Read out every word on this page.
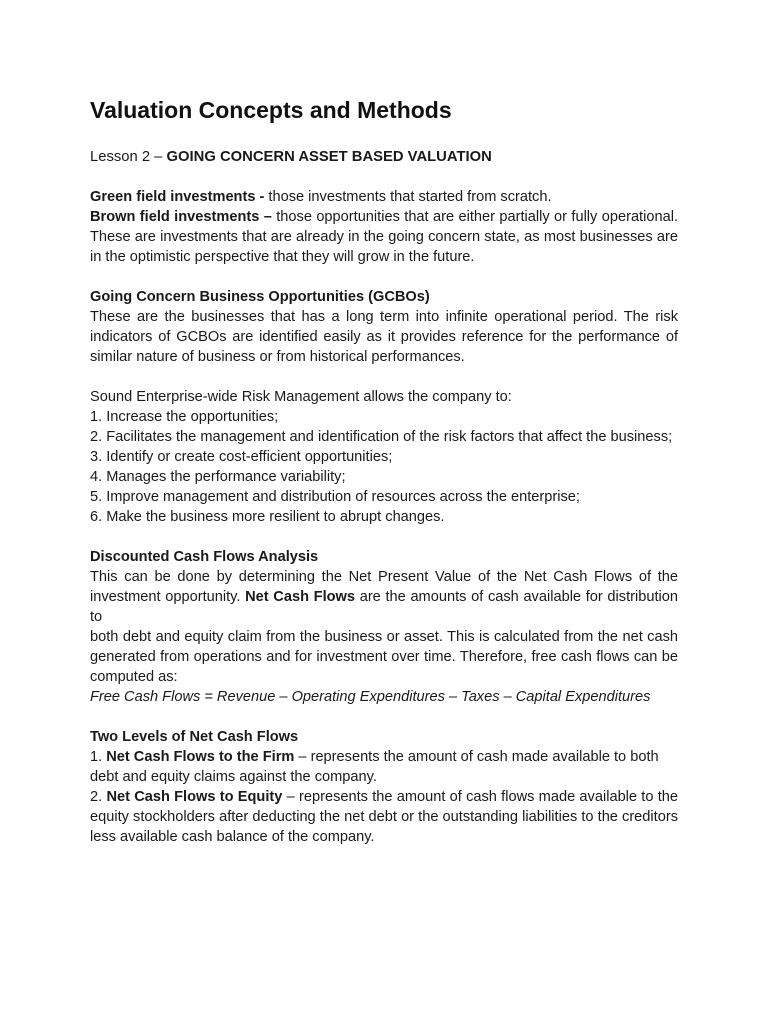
Valuation Concepts and Methods

Lesson 2 – GOING CONCERN ASSET BASED VALUATION

Green field investments - those investments that started from scratch.

Brown field investments – those opportunities that are either partially or fully operational. These are investments that are already in the going concern state, as most businesses are in the optimistic perspective that they will grow in the future.

Going Concern Business Opportunities (GCBOs)

These are the businesses that has a long term into infinite operational period. The risk indicators of GCBOs are identified easily as it provides reference for the performance of similar nature of business or from historical performances.

Sound Enterprise-wide Risk Management allows the company to:

1. Increase the opportunities;
2. Facilitates the management and identification of the risk factors that affect the business;
3. Identify or create cost-efficient opportunities;
4. Manages the performance variability;
5. Improve management and distribution of resources across the enterprise;
6. Make the business more resilient to abrupt changes.

Discounted Cash Flows Analysis

This can be done by determining the Net Present Value of the Net Cash Flows of the investment opportunity. Net Cash Flows are the amounts of cash available for distribution to

both debt and equity claim from the business or asset. This is calculated from the net cash generated from operations and for investment over time. Therefore, free cash flows can be computed as:

Free Cash Flows = Revenue – Operating Expenditures – Taxes – Capital Expenditures

Two Levels of Net Cash Flows

1. Net Cash Flows to the Firm – represents the amount of cash made available to both debt and equity claims against the company.

2. Net Cash Flows to Equity – represents the amount of cash flows made available to the equity stockholders after deducting the net debt or the outstanding liabilities to the creditors less available cash balance of the company.
